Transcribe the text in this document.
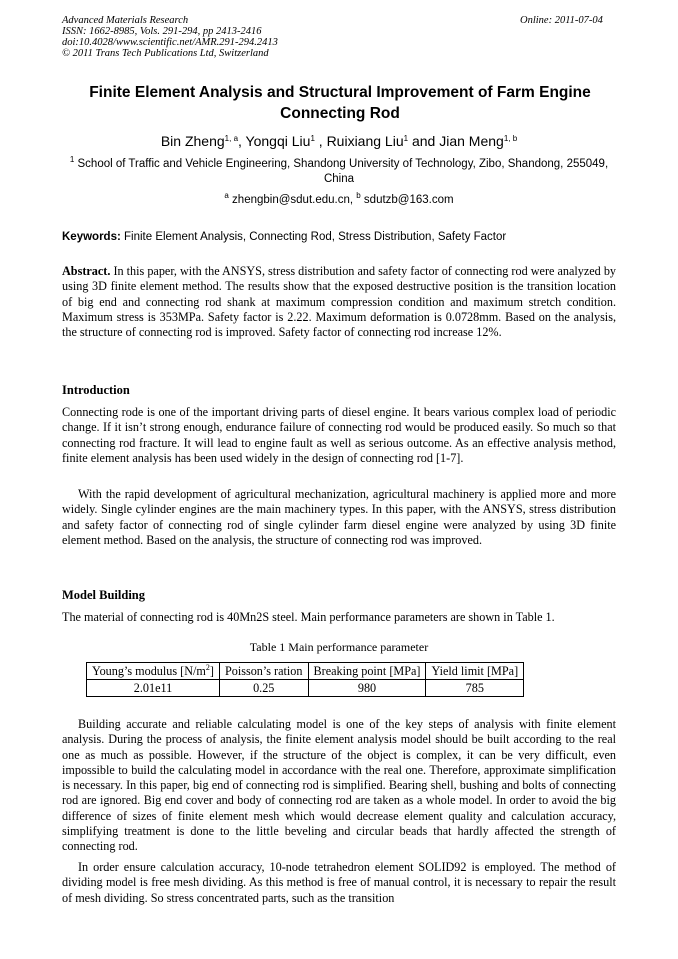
Advanced Materials Research
ISSN: 1662-8985, Vols. 291-294, pp 2413-2416
doi:10.4028/www.scientific.net/AMR.291-294.2413
© 2011 Trans Tech Publications Ltd, Switzerland
Online: 2011-07-04
Finite Element Analysis and Structural Improvement of Farm Engine Connecting Rod
Bin Zheng$^{1, a}$, Yongqi Liu$^1$ , Ruixiang Liu$^1$ and Jian Meng$^{1, b}$
$^1$ School of Traffic and Vehicle Engineering, Shandong University of Technology, Zibo, Shandong, 255049, China
$^a$ zhengbin@sdut.edu.cn, $^b$ sdutzb@163.com
Keywords: Finite Element Analysis, Connecting Rod, Stress Distribution, Safety Factor
Abstract. In this paper, with the ANSYS, stress distribution and safety factor of connecting rod were analyzed by using 3D finite element method. The results show that the exposed destructive position is the transition location of big end and connecting rod shank at maximum compression condition and maximum stretch condition. Maximum stress is 353MPa. Safety factor is 2.22. Maximum deformation is 0.0728mm. Based on the analysis, the structure of connecting rod is improved. Safety factor of connecting rod increase 12%.
Introduction
Connecting rode is one of the important driving parts of diesel engine. It bears various complex load of periodic change. If it isn’t strong enough, endurance failure of connecting rod would be produced easily. So much so that connecting rod fracture. It will lead to engine fault as well as serious outcome. As an effective analysis method, finite element analysis has been used widely in the design of connecting rod [1-7].
With the rapid development of agricultural mechanization, agricultural machinery is applied more and more widely. Single cylinder engines are the main machinery types. In this paper, with the ANSYS, stress distribution and safety factor of connecting rod of single cylinder farm diesel engine were analyzed by using 3D finite element method. Based on the analysis, the structure of connecting rod was improved.
Model Building
The material of connecting rod is 40Mn2S steel. Main performance parameters are shown in Table 1.
Table 1 Main performance parameter
Young’s modulus $[N/m^2]$	Poisson’s ration	Breaking point [MPa]	Yield limit [MPa]
2.01e11	0.25	980	785
Building accurate and reliable calculating model is one of the key steps of analysis with finite element analysis. During the process of analysis, the finite element analysis model should be built according to the real one as much as possible. However, if the structure of the object is complex, it can be very difficult, even impossible to build the calculating model in accordance with the real one. Therefore, approximate simplification is necessary. In this paper, big end of connecting rod is simplified. Bearing shell, bushing and bolts of connecting rod are ignored. Big end cover and body of connecting rod are taken as a whole model. In order to avoid the big difference of sizes of finite element mesh which would decrease element quality and calculation accuracy, simplifying treatment is done to the little beveling and circular beads that hardly affected the strength of connecting rod.
In order ensure calculation accuracy, 10-node tetrahedron element SOLID92 is employed. The method of dividing model is free mesh dividing. As this method is free of manual control, it is necessary to repair the result of mesh dividing. So stress concentrated parts, such as the transition
